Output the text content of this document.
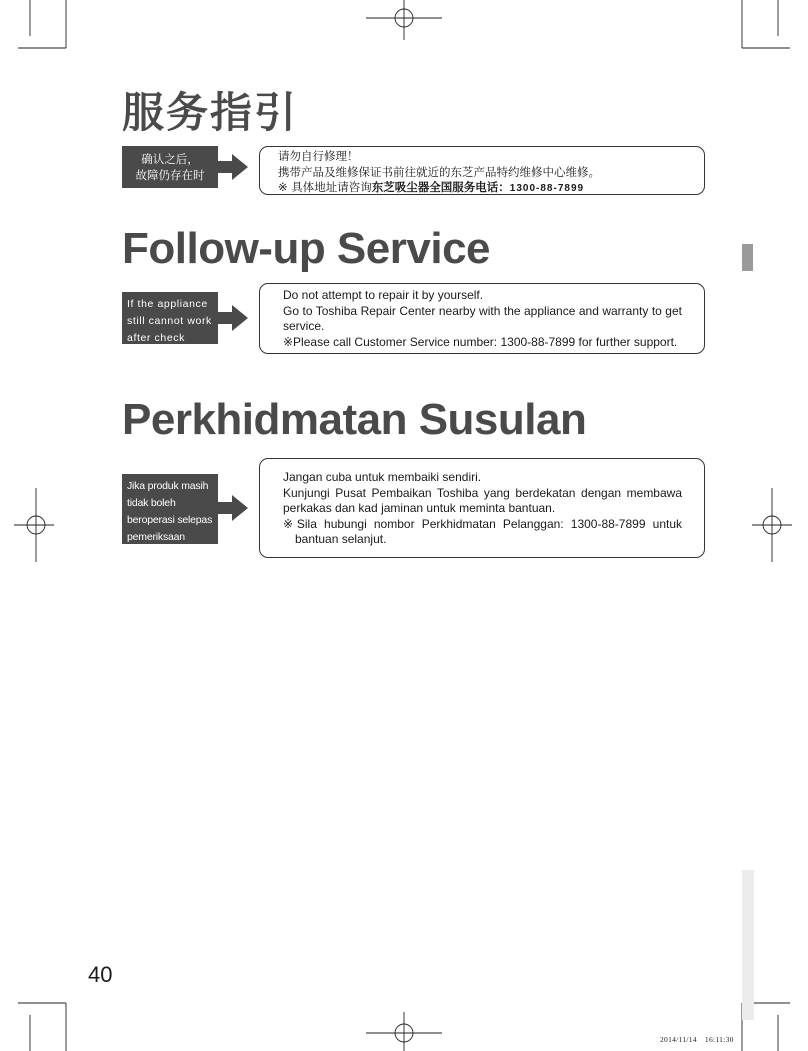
服务指引
确认之后，
故障仍存在时

请勿自行修理！

携带产品及维修保证书前往就近的东芝产品特约维修中心维修。

※ 具体地址请咨询东芝吸尘器全国服务电话：1300-88-7899

Follow-up Service
If the appliance
still cannot work
after check

Do not attempt to repair it by yourself.

Go to Toshiba Repair Center nearby with the appliance and warranty to get service.

※Please call Customer Service number: 1300-88-7899 for further support.

Perkhidmatan Susulan
Jika produk masih
tidak boleh
beroperasi selepas
pemeriksaan

Jangan cuba untuk membaiki sendiri.

Kunjungi Pusat Pembaikan Toshiba yang berdekatan dengan membawa perkakas dan kad jaminan untuk meminta bantuan.

※Sila hubungi nombor Perkhidmatan Pelanggan: 1300-88-7899 untuk bantuan selanjut.

40
2014/11/14 16:11:30
